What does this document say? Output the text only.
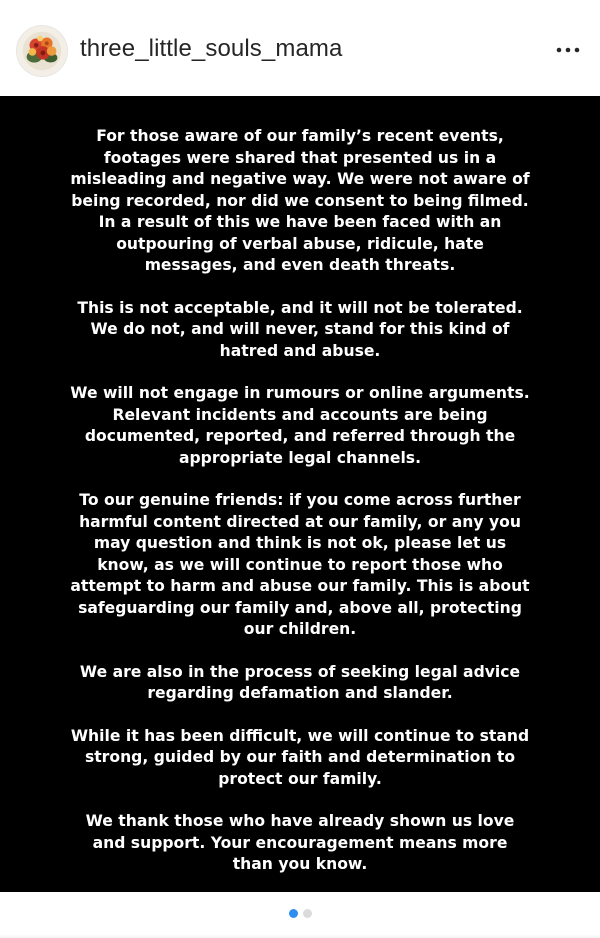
three_little_souls_mama

For those aware of our family’s recent events, footages were shared that presented us in a misleading and negative way. We were not aware of being recorded, nor did we consent to being filmed. In a result of this we have been faced with an outpouring of verbal abuse, ridicule, hate messages, and even death threats.

This is not acceptable, and it will not be tolerated. We do not, and will never, stand for this kind of hatred and abuse.

We will not engage in rumours or online arguments. Relevant incidents and accounts are being documented, reported, and referred through the appropriate legal channels.

To our genuine friends: if you come across further harmful content directed at our family, or any you may question and think is not ok, please let us know, as we will continue to report those who attempt to harm and abuse our family. This is about safeguarding our family and, above all, protecting our children.

We are also in the process of seeking legal advice regarding defamation and slander.

While it has been difficult, we will continue to stand strong, guided by our faith and determination to protect our family.

We thank those who have already shown us love and support. Your encouragement means more than you know.
